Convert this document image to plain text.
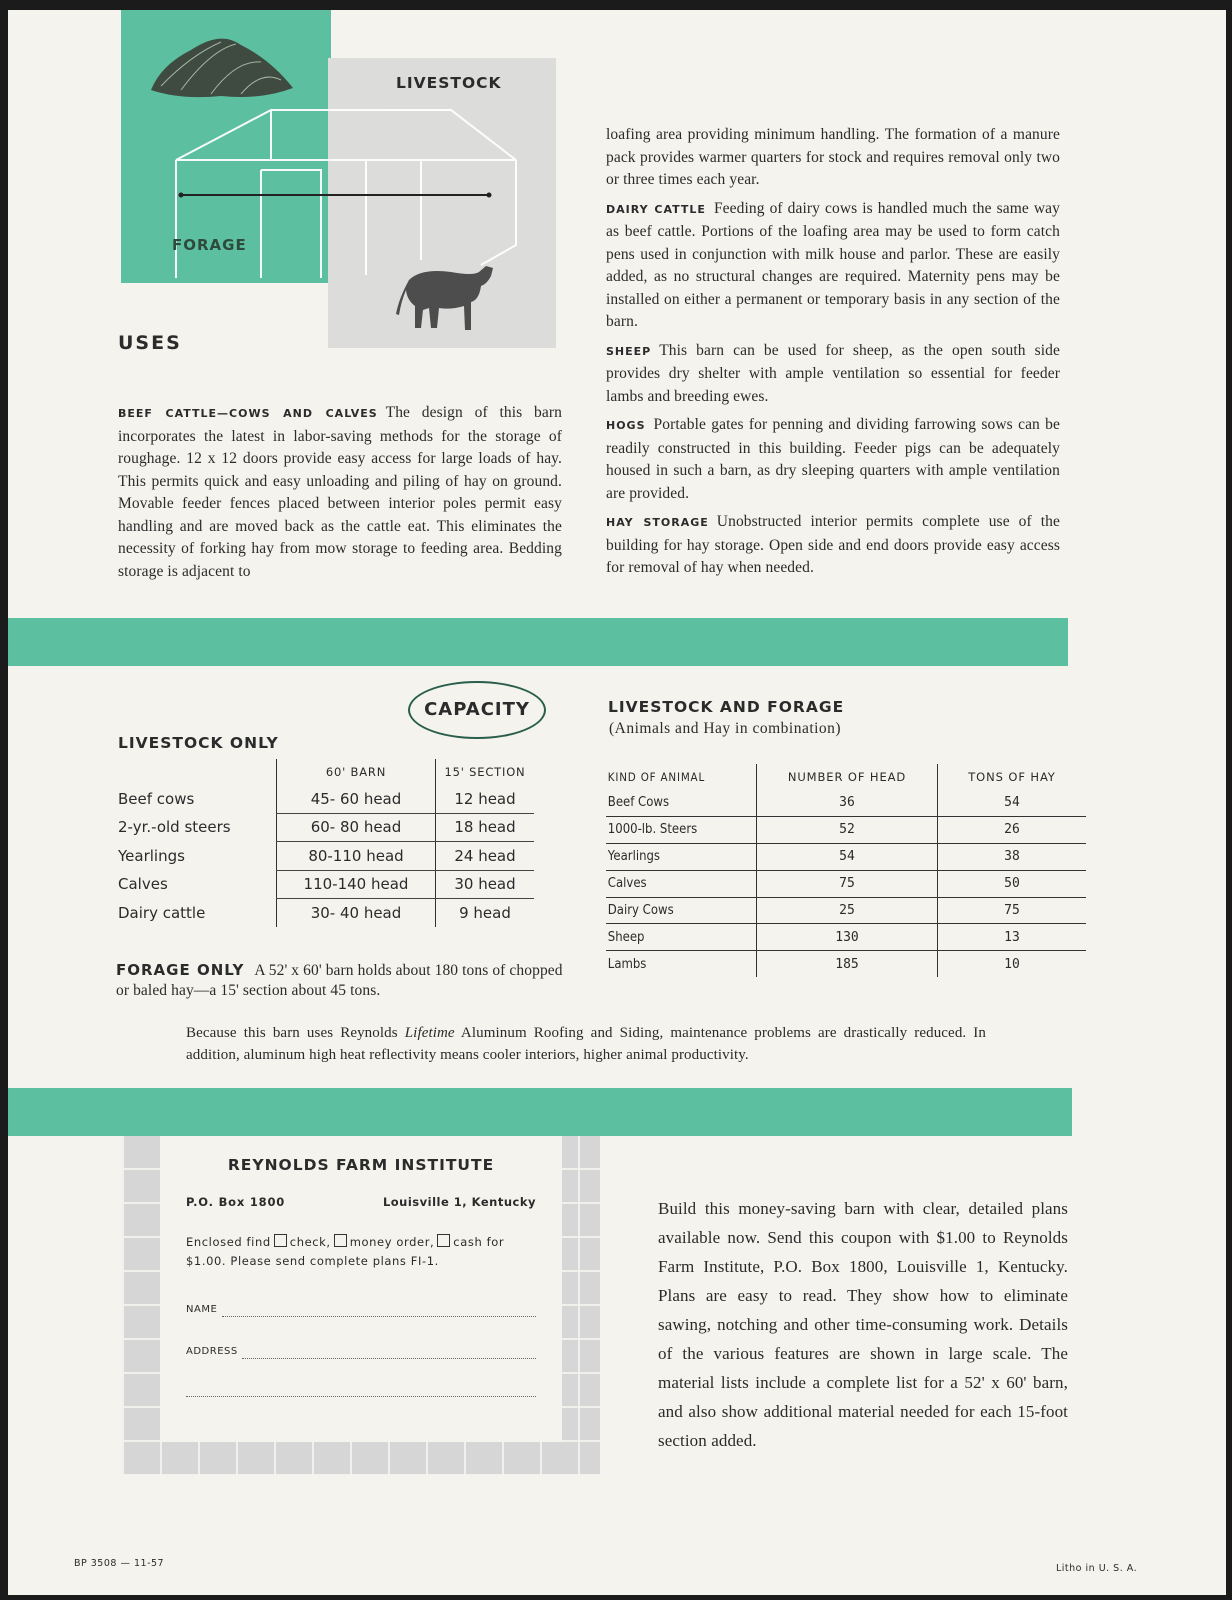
LIVESTOCK
FORAGE
USES
BEEF CATTLE—COWS AND CALVES The design of this barn incorporates the latest in labor-saving methods for the storage of roughage. 12 x 12 doors provide easy access for large loads of hay. This permits quick and easy unloading and piling of hay on ground. Movable feeder fences placed between interior poles permit easy handling and are moved back as the cattle eat. This eliminates the necessity of forking hay from mow storage to feeding area. Bedding storage is adjacent to
loafing area providing minimum handling. The formation of a manure pack provides warmer quarters for stock and requires removal only two or three times each year.
DAIRY CATTLE Feeding of dairy cows is handled much the same way as beef cattle. Portions of the loafing area may be used to form catch pens used in conjunction with milk house and parlor. These are easily added, as no structural changes are required. Maternity pens may be installed on either a permanent or temporary basis in any section of the barn.
SHEEP This barn can be used for sheep, as the open south side provides dry shelter with ample ventilation so essential for feeder lambs and breeding ewes.
HOGS Portable gates for penning and dividing farrowing sows can be readily constructed in this building. Feeder pigs can be adequately housed in such a barn, as dry sleeping quarters with ample ventilation are provided.
HAY STORAGE Unobstructed interior permits complete use of the building for hay storage. Open side and end doors provide easy access for removal of hay when needed.
CAPACITY
LIVESTOCK ONLY
	60' BARN	15' SECTION
Beef cows	45- 60 head	12 head
2-yr.-old steers	60- 80 head	18 head
Yearlings	80-110 head	24 head
Calves	110-140 head	30 head
Dairy cattle	30- 40 head	9 head
FORAGE ONLY A 52' x 60' barn holds about 180 tons of chopped or baled hay—a 15' section about 45 tons.
LIVESTOCK AND FORAGE
(Animals and Hay in combination)
KIND OF ANIMAL	NUMBER OF HEAD	TONS OF HAY
Beef Cows	36	54
1000-lb. Steers	52	26
Yearlings	54	38
Calves	75	50
Dairy Cows	25	75
Sheep	130	13
Lambs	185	10
Because this barn uses Reynolds Lifetime Aluminum Roofing and Siding, maintenance problems are drastically reduced. In addition, aluminum high heat reflectivity means cooler interiors, higher animal productivity.
REYNOLDS FARM INSTITUTE
P.O. Box 1800	Louisville 1, Kentucky
Enclosed find check, money order, cash for
$1.00. Please send complete plans FI-1.
NAME
ADDRESS
Build this money-saving barn with clear, detailed plans available now. Send this coupon with $1.00 to Reynolds Farm Institute, P.O. Box 1800, Louisville 1, Kentucky. Plans are easy to read. They show how to eliminate sawing, notching and other time-consuming work. Details of the various features are shown in large scale. The material lists include a complete list for a 52' x 60' barn, and also show additional material needed for each 15-foot section added.
BP 3508 — 11-57	Litho in U. S. A.
